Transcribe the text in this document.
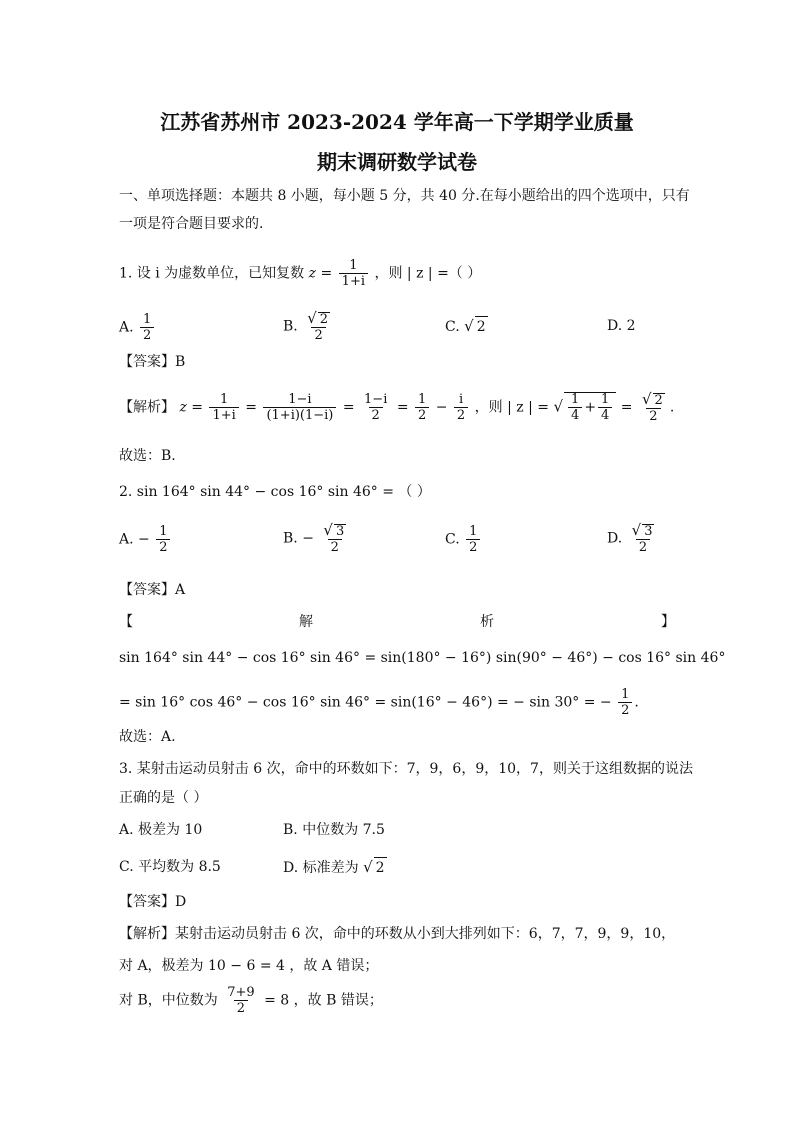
江苏省苏州市 2023-2024 学年高一下学期学业质量
期末调研数学试卷
一、单项选择题：本题共 8 小题，每小题 5 分，共 40 分.在每小题给出的四个选项中，只有
一项是符合题目要求的.
1. 设 i 为虚数单位，已知复数 $z = \frac{1}{1+i}$ ，则 | z | =（ ）
A. $\frac{1}{2}$	B. $\frac{√ 2}{2}$	C. √ 2	D. 2
【答案】B
【解析】 $z = \frac{1}{1+i} = \frac{1-i}{(1+i)(1-i)} = \frac{1-i}{2} = \frac{1}{2} - \frac{i}{2}$ ，则 | z | = √ $\frac{1}{4} + \frac{1}{4} = \frac{√ 2}{2}$ .
故选：B.
2. sin 164° sin 44° − cos 16° sin 46° = （ ）
A. − $\frac{1}{2}$	B. − $\frac{√ 3}{2}$	C. $\frac{1}{2}$	D. $\frac{√ 3}{2}$
【答案】A
【	解	析	】
sin 164° sin 44° − cos 16° sin 46° = sin(180° − 16°) sin(90° − 46°) − cos 16° sin 46°
= sin 16° cos 46° − cos 16° sin 46° = sin(16° − 46°) = − sin 30° = − $\frac{1}{2}$ .
故选：A.
3. 某射击运动员射击 6 次，命中的环数如下：7，9，6，9，10，7，则关于这组数据的说法
正确的是（ ）
A. 极差为 10	B. 中位数为 7.5
C. 平均数为 8.5	D. 标准差为 √ 2
【答案】D
【解析】某射击运动员射击 6 次，命中的环数从小到大排列如下：6，7，7，9，9，10，
对 A，极差为 10 − 6 = 4 ，故 A 错误；
对 B，中位数为 $\frac{7+9}{2} = 8$ ，故 B 错误；
